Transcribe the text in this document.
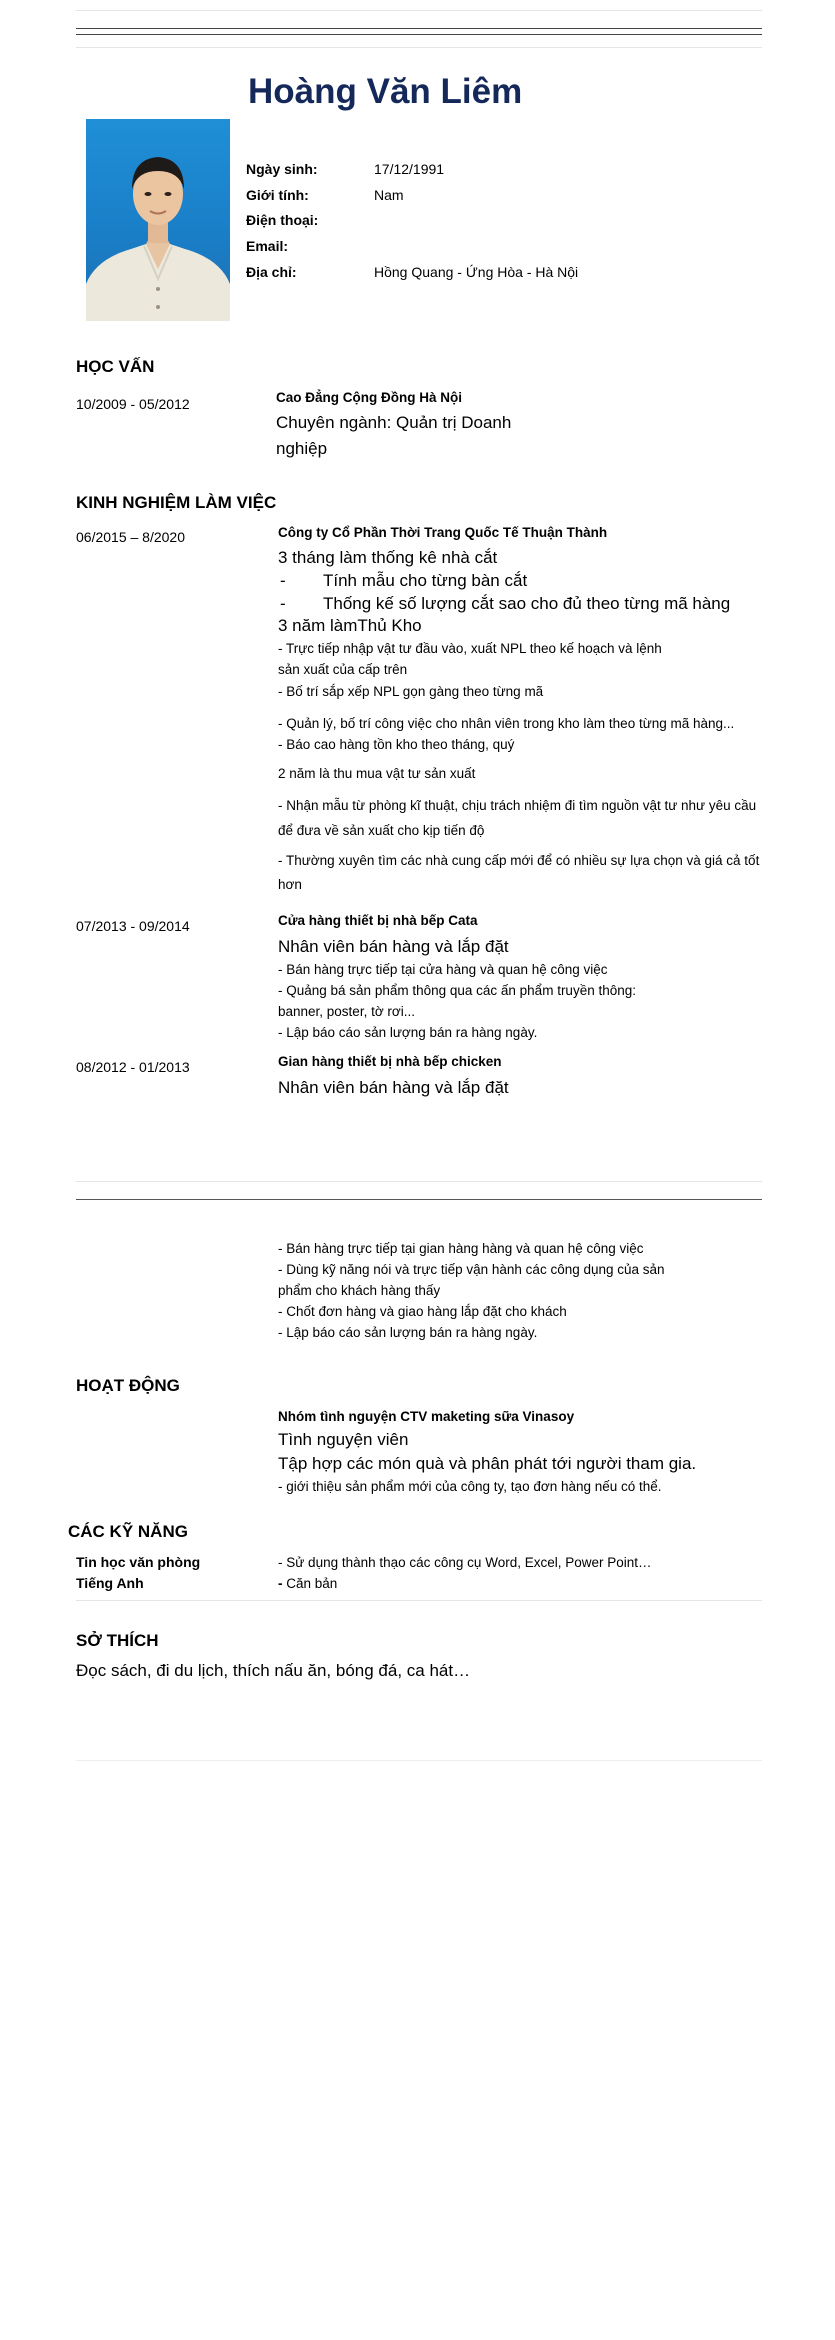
Hoàng Văn Liêm
Ngày sinh:	17/12/1991
Giới tính:	Nam
Điện thoại:
Email:
Địa chỉ:	Hồng Quang - Ứng Hòa - Hà Nội
HỌC VẤN
10/2009 - 05/2012	Cao Đẳng Cộng Đồng Hà Nội
Chuyên ngành: Quản trị Doanh
nghiệp
KINH NGHIỆM LÀM VIỆC
06/2015 – 8/2020	Công ty Cổ Phần Thời Trang Quốc Tế Thuận Thành
3 tháng làm thống kê nhà cắt
- Tính mẫu cho từng bàn cắt
- Thống kế số lượng cắt sao cho đủ theo từng mã hàng
3 năm làmThủ Kho
- Trực tiếp nhập vật tư đầu vào, xuất NPL theo kế hoạch và lệnh
sản xuất của cấp trên
- Bố trí sắp xếp NPL gọn gàng theo từng mã
- Quản lý, bố trí công việc cho nhân viên trong kho làm theo từng mã hàng...
- Báo cao hàng tồn kho theo tháng, quý
2 năm là thu mua vật tư sản xuất
- Nhận mẫu từ phòng kĩ thuật, chịu trách nhiệm đi tìm nguồn vật tư như yêu cầu
để đưa về sản xuất cho kịp tiến độ
- Thường xuyên tìm các nhà cung cấp mới để có nhiều sự lựa chọn và giá cả tốt
hơn
07/2013 - 09/2014	Cửa hàng thiết bị nhà bếp Cata
Nhân viên bán hàng và lắp đặt
- Bán hàng trực tiếp tại cửa hàng và quan hệ công việc
- Quảng bá sản phẩm thông qua các ấn phẩm truyền thông:
banner, poster, tờ rơi...
- Lập báo cáo sản lượng bán ra hàng ngày.
08/2012 - 01/2013	Gian hàng thiết bị nhà bếp chicken
Nhân viên bán hàng và lắp đặt
- Bán hàng trực tiếp tại gian hàng hàng và quan hệ công việc
- Dùng kỹ năng nói và trực tiếp vận hành các công dụng của sản
phẩm cho khách hàng thấy
- Chốt đơn hàng và giao hàng lắp đặt cho khách
- Lập báo cáo sản lượng bán ra hàng ngày.
HOẠT ĐỘNG
Nhóm tình nguyện CTV maketing sữa Vinasoy
Tình nguyện viên
Tập hợp các món quà và phân phát tới người tham gia.
- giới thiệu sản phẩm mới của công ty, tạo đơn hàng nếu có thể.
CÁC KỸ NĂNG
Tin học văn phòng	- Sử dụng thành thạo các công cụ Word, Excel, Power Point…
Tiếng Anh	- Căn bản
SỞ THÍCH
Đọc sách, đi du lịch, thích nấu ăn, bóng đá, ca hát…
